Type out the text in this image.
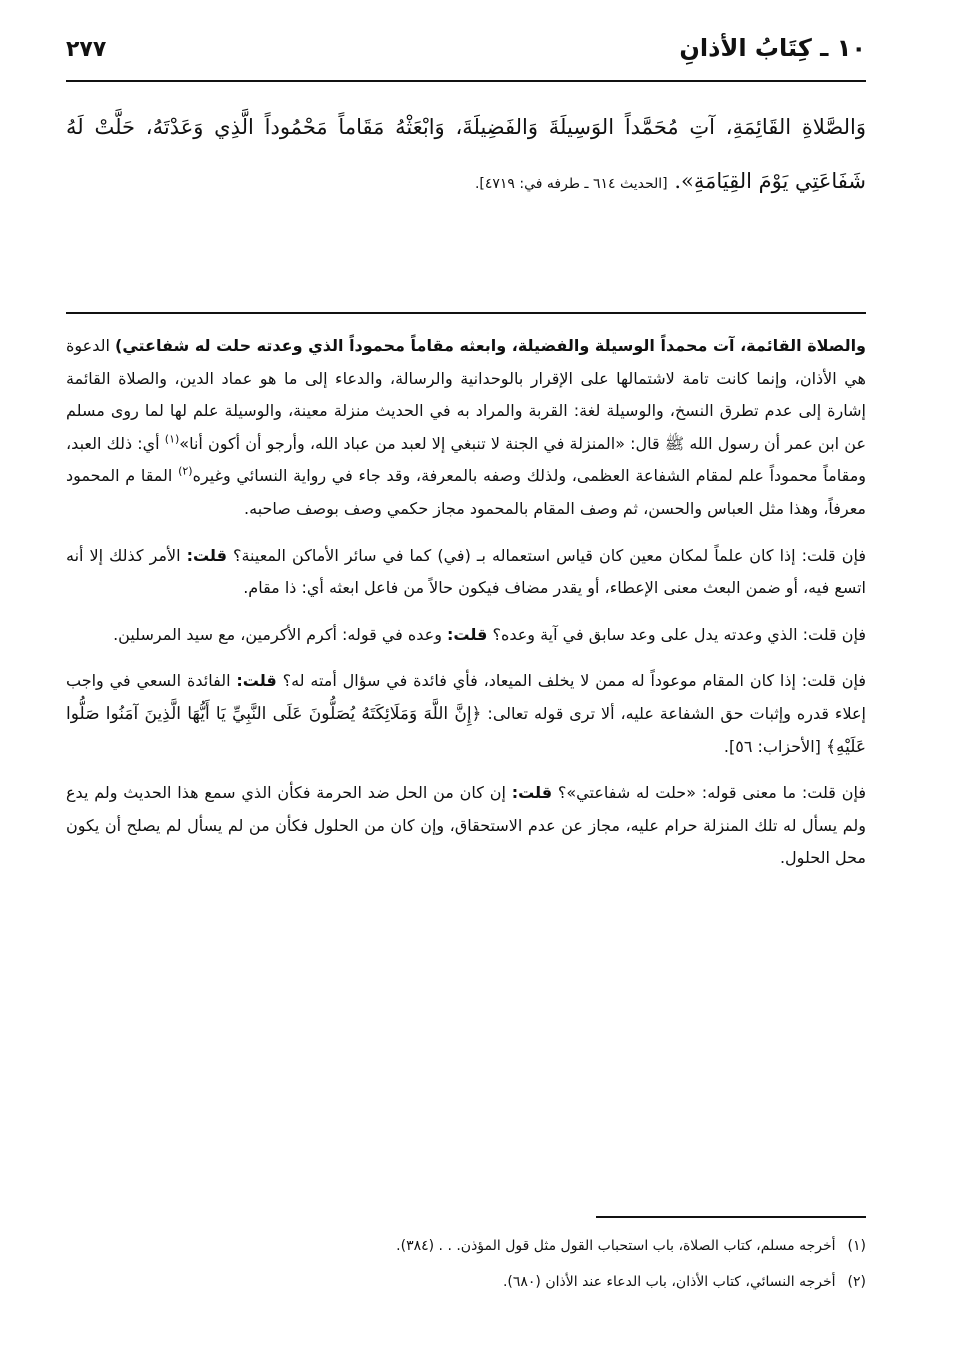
١٠ ـ كِتَابُ الأذانِ
٢٧٧
وَالصَّلاةِ القَائِمَةِ، آتِ مُحَمَّداً الوَسِيلَةَ وَالفَضِيلَةَ، وَابْعَثْهُ مَقَاماً مَحْمُوداً الَّذِي وَعَدْتَهُ، حَلَّتْ لَهُ شَفَاعَتِي يَوْمَ القِيَامَةِ». [الحديث ٦١٤ ـ طرفه في: ٤٧١٩].

والصلاة القائمة، آت محمداً الوسيلة والفضيلة، وابعثه مقاماً محموداً الذي وعدته حلت له شفاعتي) الدعوة هي الأذان، وإنما كانت تامة لاشتمالها على الإقرار بالوحدانية والرسالة، والدعاء إلى ما هو عماد الدين، والصلاة القائمة إشارة إلى عدم تطرق النسخ، والوسيلة لغة: القربة والمراد به في الحديث منزلة معينة، والوسيلة علم لها لما روى مسلم عن ابن عمر أن رسول الله ﷺ قال: «المنزلة في الجنة لا تنبغي إلا لعبد من عباد الله، وأرجو أن أكون أنا»$^{(١)}$ أي: ذلك العبد، ومقاماً محموداً علم لمقام الشفاعة العظمى، ولذلك وصفه بالمعرفة، وقد جاء في رواية النسائي وغيره$^{(٢)}$ المقا م المحمود معرفاً، وهذا مثل العباس والحسن، ثم وصف المقام بالمحمود مجاز حكمي وصف بوصف صاحبه.

فإن قلت: إذا كان علماً لمكان معين كان قياس استعماله بـ (في) كما في سائر الأماكن المعينة؟ قلت: الأمر كذلك إلا أنه اتسع فيه، أو ضمن البعث معنى الإعطاء، أو يقدر مضاف فيكون حالاً من فاعل ابعثه أي: ذا مقام.

فإن قلت: الذي وعدته يدل على وعد سابق في آية وعده؟ قلت: وعده في قوله: أكرم الأكرمين، مع سيد المرسلين.

فإن قلت: إذا كان المقام موعوداً له ممن لا يخلف الميعاد، فأي فائدة في سؤال أمته له؟ قلت: الفائدة السعي في واجب إعلاء قدره وإثبات حق الشفاعة عليه، ألا ترى قوله تعالى: ﴿إِنَّ اللَّهَ وَمَلَائِكَتَهُ يُصَلُّونَ عَلَى النَّبِيِّ يَا أَيُّهَا الَّذِينَ آمَنُوا صَلُّوا عَلَيْهِ﴾ [الأحزاب: ٥٦].

فإن قلت: ما معنى قوله: «حلت له شفاعتي»؟ قلت: إن كان من الحل ضد الحرمة فكأن الذي سمع هذا الحديث ولم يدع ولم يسأل له تلك المنزلة حرام عليه، مجاز عن عدم الاستحقاق، وإن كان من الحلول فكأن من لم يسأل لم يصلح أن يكون محل الحلول.

(١)أخرجه مسلم، كتاب الصلاة، باب استحباب القول مثل قول المؤذن. . . (٣٨٤).
(٢)أخرجه النسائي، كتاب الأذان، باب الدعاء عند الأذان (٦٨٠).
